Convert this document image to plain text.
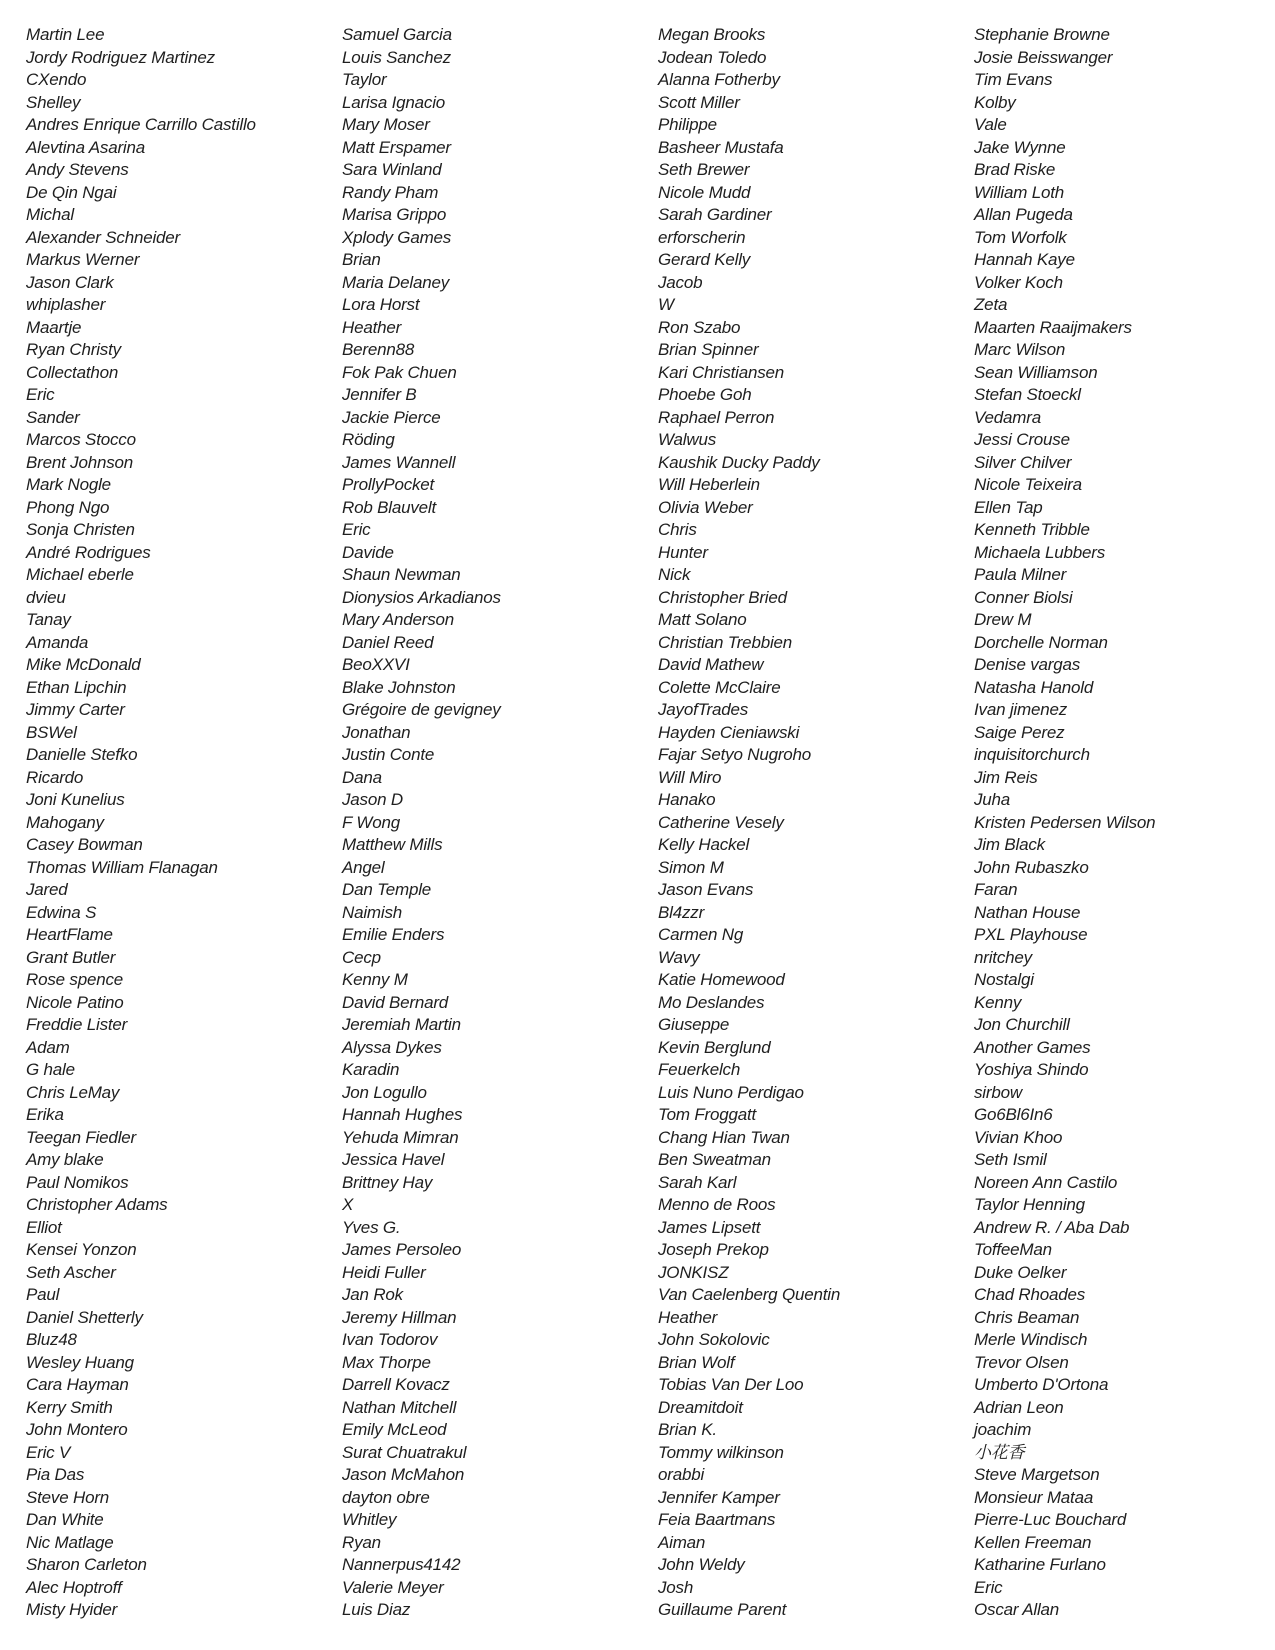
Martin Lee
Jordy Rodriguez Martinez
CXendo
Shelley
Andres Enrique Carrillo Castillo
Alevtina Asarina
Andy Stevens
De Qin Ngai
Michal
Alexander Schneider
Markus Werner
Jason Clark
whiplasher
Maartje
Ryan Christy
Collectathon
Eric
Sander
Marcos Stocco
Brent Johnson
Mark Nogle
Phong Ngo
Sonja Christen
André Rodrigues
Michael eberle
dvieu
Tanay
Amanda
Mike McDonald
Ethan Lipchin
Jimmy Carter
BSWel
Danielle Stefko
Ricardo
Joni Kunelius
Mahogany
Casey Bowman
Thomas William Flanagan
Jared
Edwina S
HeartFlame
Grant Butler
Rose spence
Nicole Patino
Freddie Lister
Adam
G hale
Chris LeMay
Erika
Teegan Fiedler
Amy blake
Paul Nomikos
Christopher Adams
Elliot
Kensei Yonzon
Seth Ascher
Paul
Daniel Shetterly
Bluz48
Wesley Huang
Cara Hayman
Kerry Smith
John Montero
Eric V
Pia Das
Steve Horn
Dan White
Nic Matlage
Sharon Carleton
Alec Hoptroff
Misty Hyider
Samuel Garcia
Louis Sanchez
Taylor
Larisa Ignacio
Mary Moser
Matt Erspamer
Sara Winland
Randy Pham
Marisa Grippo
Xplody Games
Brian
Maria Delaney
Lora Horst
Heather
Berenn88
Fok Pak Chuen
Jennifer B
Jackie Pierce
Röding
James Wannell
ProllyPocket
Rob Blauvelt
Eric
Davide
Shaun Newman
Dionysios Arkadianos
Mary Anderson
Daniel Reed
BeoXXVI
Blake Johnston
Grégoire de gevigney
Jonathan
Justin Conte
Dana
Jason D
F Wong
Matthew Mills
Angel
Dan Temple
Naimish
Emilie Enders
Cecp
Kenny M
David Bernard
Jeremiah Martin
Alyssa Dykes
Karadin
Jon Logullo
Hannah Hughes
Yehuda Mimran
Jessica Havel
Brittney Hay
X
Yves G.
James Persoleo
Heidi Fuller
Jan Rok
Jeremy Hillman
Ivan Todorov
Max Thorpe
Darrell Kovacz
Nathan Mitchell
Emily McLeod
Surat Chuatrakul
Jason McMahon
dayton obre
Whitley
Ryan
Nannerpus4142
Valerie Meyer
Luis Diaz
Megan Brooks
Jodean Toledo
Alanna Fotherby
Scott Miller
Philippe
Basheer Mustafa
Seth Brewer
Nicole Mudd
Sarah Gardiner
erforscherin
Gerard Kelly
Jacob
W
Ron Szabo
Brian Spinner
Kari Christiansen
Phoebe Goh
Raphael Perron
Walwus
Kaushik Ducky Paddy
Will Heberlein
Olivia Weber
Chris
Hunter
Nick
Christopher Bried
Matt Solano
Christian Trebbien
David Mathew
Colette McClaire
JayofTrades
Hayden Cieniawski
Fajar Setyo Nugroho
Will Miro
Hanako
Catherine Vesely
Kelly Hackel
Simon M
Jason Evans
Bl4zzr
Carmen Ng
Wavy
Katie Homewood
Mo Deslandes
Giuseppe
Kevin Berglund
Feuerkelch
Luis Nuno Perdigao
Tom Froggatt
Chang Hian Twan
Ben Sweatman
Sarah Karl
Menno de Roos
James Lipsett
Joseph Prekop
JONKISZ
Van Caelenberg Quentin
Heather
John Sokolovic
Brian Wolf
Tobias Van Der Loo
Dreamitdoit
Brian K.
Tommy wilkinson
orabbi
Jennifer Kamper
Feia Baartmans
Aiman
John Weldy
Josh
Guillaume Parent
Stephanie Browne
Josie Beisswanger
Tim Evans
Kolby
Vale
Jake Wynne
Brad Riske
William Loth
Allan Pugeda
Tom Worfolk
Hannah Kaye
Volker Koch
Zeta
Maarten Raaijmakers
Marc Wilson
Sean Williamson
Stefan Stoeckl
Vedamra
Jessi Crouse
Silver Chilver
Nicole Teixeira
Ellen Tap
Kenneth Tribble
Michaela Lubbers
Paula Milner
Conner Biolsi
Drew M
Dorchelle Norman
Denise vargas
Natasha Hanold
Ivan jimenez
Saige Perez
inquisitorchurch
Jim Reis
Juha
Kristen Pedersen Wilson
Jim Black
John Rubaszko
Faran
Nathan House
PXL Playhouse
nritchey
Nostalgi
Kenny
Jon Churchill
Another Games
Yoshiya Shindo
sirbow
Go6Bl6In6
Vivian Khoo
Seth Ismil
Noreen Ann Castilo
Taylor Henning
Andrew R. / Aba Dab
ToffeeMan
Duke Oelker
Chad Rhoades
Chris Beaman
Merle Windisch
Trevor Olsen
Umberto D'Ortona
Adrian Leon
joachim
小花香
Steve Margetson
Monsieur Mataa
Pierre-Luc Bouchard
Kellen Freeman
Katharine Furlano
Eric
Oscar Allan
